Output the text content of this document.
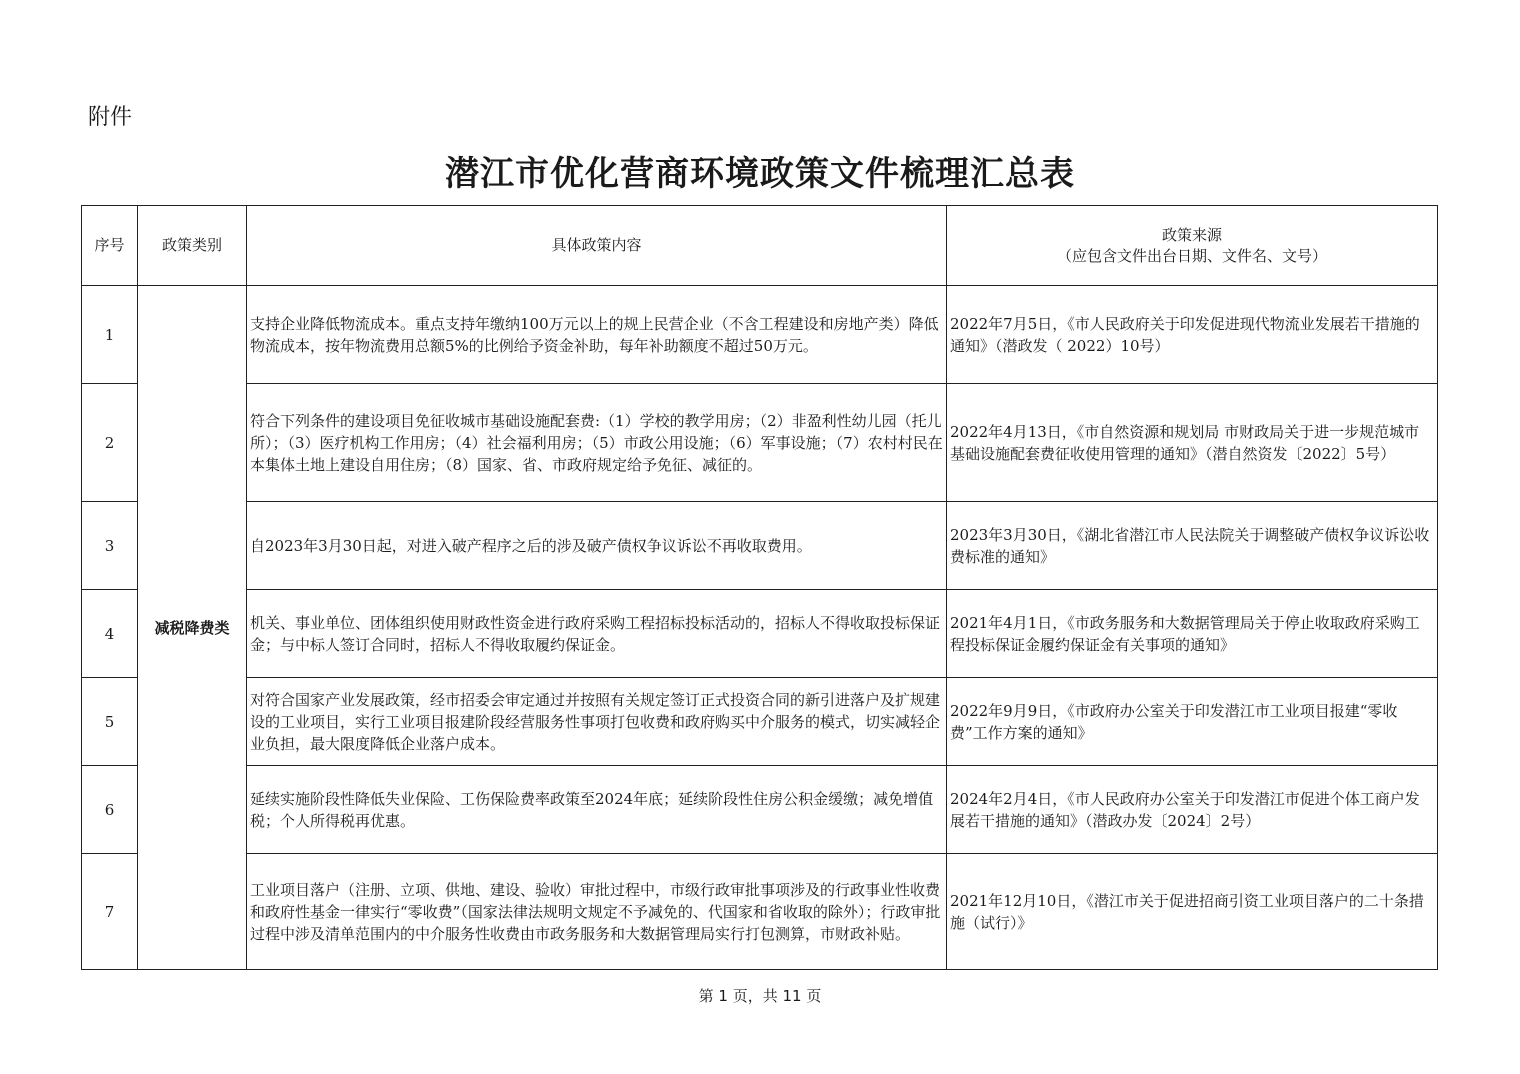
附件
潜江市优化营商环境政策文件梳理汇总表
序号	政策类别	具体政策内容	政策来源
（应包含文件出台日期、文件名、文号）

1	减税降费类	支持企业降低物流成本。重点支持年缴纳100万元以上的规上民营企业（不含工程建设和房地产类）降低物流成本，按年物流费用总额5%的比例给予资金补助，每年补助额度不超过50万元。	2022年7月5日，《市人民政府关于印发促进现代物流业发展若干措施的通知》（潜政发（ 2022）10号）
2		符合下列条件的建设项目免征收城市基础设施配套费:（1）学校的教学用房；（2）非盈利性幼儿园（托儿所）；（3）医疗机构工作用房；（4）社会福利用房；（5）市政公用设施；（6）军事设施；（7）农村村民在本集体土地上建设自用住房；（8）国家、省、市政府规定给予免征、减征的。	2022年4月13日，《市自然资源和规划局 市财政局关于进一步规范城市基础设施配套费征收使用管理的通知》（潜自然资发〔2022〕5号）
3		自2023年3月30日起，对进入破产程序之后的涉及破产债权争议诉讼不再收取费用。	2023年3月30日，《湖北省潜江市人民法院关于调整破产债权争议诉讼收费标准的通知》
4		机关、事业单位、团体组织使用财政性资金进行政府采购工程招标投标活动的，招标人不得收取投标保证金；与中标人签订合同时，招标人不得收取履约保证金。	2021年4月1日，《市政务服务和大数据管理局关于停止收取政府采购工程投标保证金履约保证金有关事项的通知》
5		对符合国家产业发展政策，经市招委会审定通过并按照有关规定签订正式投资合同的新引进落户及扩规建设的工业项目，实行工业项目报建阶段经营服务性事项打包收费和政府购买中介服务的模式，切实减轻企业负担，最大限度降低企业落户成本。	2022年9月9日，《市政府办公室关于印发潜江市工业项目报建“零收费”工作方案的通知》
6		延续实施阶段性降低失业保险、工伤保险费率政策至2024年底；延续阶段性住房公积金缓缴；减免增值税；个人所得税再优惠。	2024年2月4日，《市人民政府办公室关于印发潜江市促进个体工商户发展若干措施的通知》（潜政办发〔2024〕2号）
7		工业项目落户（注册、立项、供地、建设、验收）审批过程中，市级行政审批事项涉及的行政事业性收费和政府性基金一律实行“零收费”（国家法律法规明文规定不予减免的、代国家和省收取的除外）；行政审批过程中涉及清单范围内的中介服务性收费由市政务服务和大数据管理局实行打包测算，市财政补贴。	2021年12月10日，《潜江市关于促进招商引资工业项目落户的二十条措施（试行）》
第 1 页，共 11 页
